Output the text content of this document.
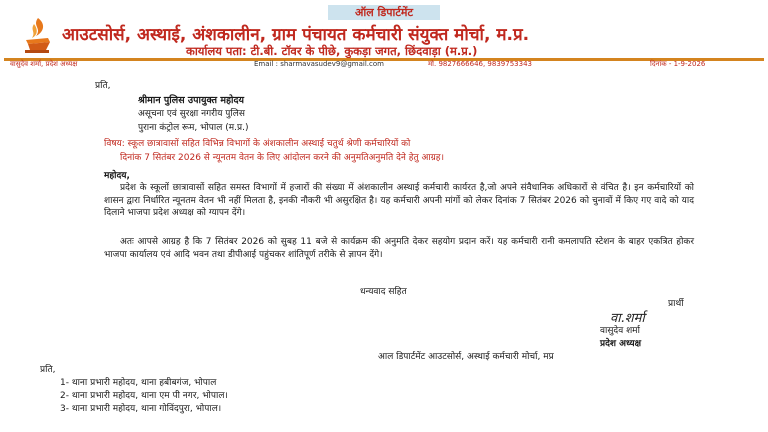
ऑल डिपार्टमेंट
आउटसोर्स, अस्थाई, अंशकालीन, ग्राम पंचायत कर्मचारी संयुक्त मोर्चा, म.प्र.
कार्यालय पता: टी.बी. टॉवर के पीछे, कुकड़ा जगत, छिंदवाड़ा (म.प्र.)
वासुदेव शर्मा, प्रदेश अध्यक्ष	Email : sharmavasudev9@gmail.com	मो. 9827666646, 9839753343	दिनांक - 1-9-2026
प्रति,
श्रीमान पुलिस उपायुक्त महोदय
असूचना एवं सुरक्षा नगरीय पुलिस
पुराना कंट्रोल रूम, भोपाल (म.प्र.)
विषय: स्कूल छात्रावासों सहित विभिन्न विभागों के अंशकालीन अस्थाई चतुर्थ श्रेणी कर्मचारियों को
दिनांक 7 सितंबर 2026 से न्यूनतम वेतन के लिए आंदोलन करने की अनुमतिअनुमति देने हेतु आग्रह।
महोदय,
प्रदेश के स्कूलों छात्रावासों सहित समस्त विभागों में हजारों की संख्या में अंशकालीन अस्थाई कर्मचारी कार्यरत है,जो अपने संवैधानिक अधिकारों से वंचित है। इन कर्मचारियों को शासन द्वारा निर्धारित न्यूनतम वेतन भी नहीं मिलता है, इनकी नौकरी भी असुरक्षित है। यह कर्मचारी अपनी मांगों को लेकर दिनांक 7 सितंबर 2026 को चुनावों में किए गए वादे को याद दिलाने भाजपा प्रदेश अध्यक्ष को ग्यापन देंगे।
अतः आपसे आग्रह है कि 7 सितंबर 2026 को सुबह 11 बजे से कार्यक्रम की अनुमति देकर सहयोग प्रदान करें। यह कर्मचारी रानी कमलापति स्टेशन के बाहर एकत्रित होकर भाजपा कार्यालय एवं आदि भवन तथा डीपीआई पहुंचकर शांतिपूर्ण तरीके से ज्ञापन देंगे।
धन्यवाद सहित
प्रार्थी
वा.शर्मा
वासुदेव शर्मा
प्रदेश अध्यक्ष
आल डिपार्टमेंट आउटसोर्स, अस्थाई कर्मचारी मोर्चा, मप्र
प्रति,
1- थाना प्रभारी महोदय, थाना हबीबगंज, भोपाल
2- थाना प्रभारी महोदय, थाना एम पी नगर, भोपाल।
3- थाना प्रभारी महोदय, थाना गोविंदपुरा, भोपाल।
